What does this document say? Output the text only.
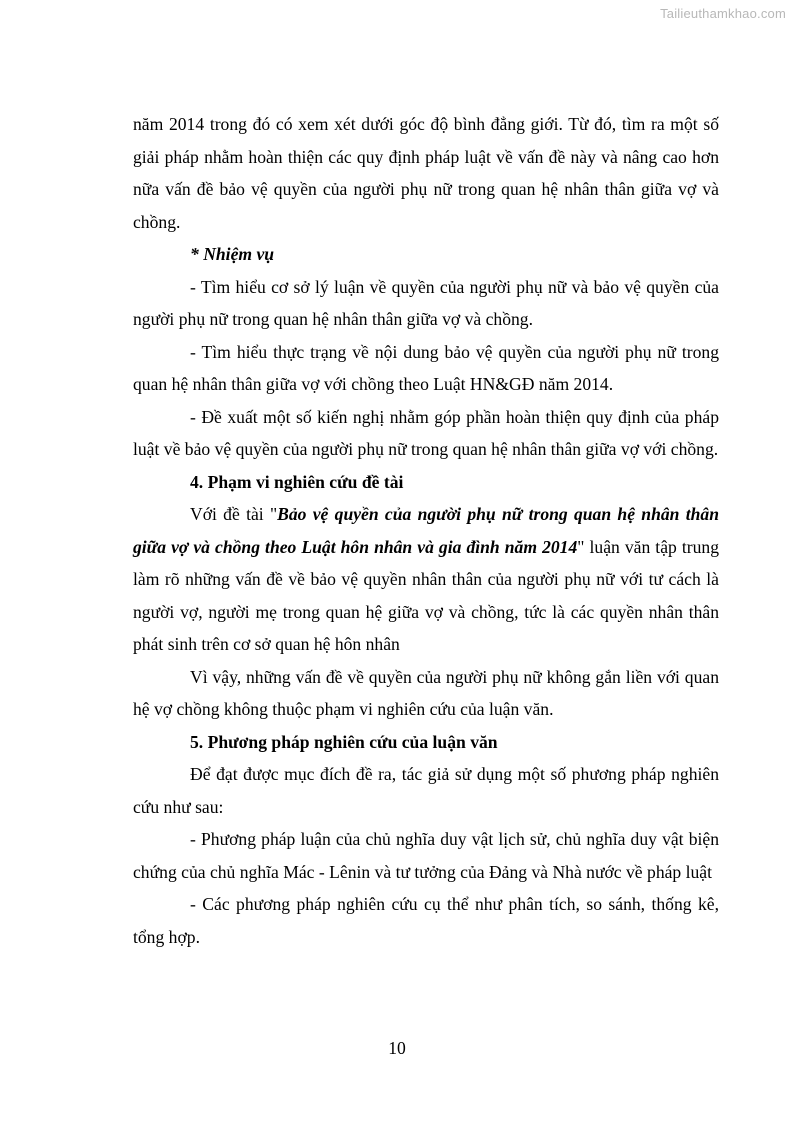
Tailieuthamkhao.com

năm 2014 trong đó có xem xét dưới góc độ bình đẳng giới. Từ đó, tìm ra một số giải pháp nhằm hoàn thiện các quy định pháp luật về vấn đề này và nâng cao hơn nữa vấn đề bảo vệ quyền của người phụ nữ trong quan hệ nhân thân giữa vợ và chồng.

* Nhiệm vụ

- Tìm hiểu cơ sở lý luận về quyền của người phụ nữ và bảo vệ quyền của người phụ nữ trong quan hệ nhân thân giữa vợ và chồng.

- Tìm hiểu thực trạng về nội dung bảo vệ quyền của người phụ nữ trong quan hệ nhân thân giữa vợ với chồng theo Luật HN&GĐ năm 2014.

- Đề xuất một số kiến nghị nhằm góp phần hoàn thiện quy định của pháp luật về bảo vệ quyền của người phụ nữ trong quan hệ nhân thân giữa vợ với chồng.

4. Phạm vi nghiên cứu đề tài

Với đề tài "Bảo vệ quyền của người phụ nữ trong quan hệ nhân thân giữa vợ và chồng theo Luật hôn nhân và gia đình năm 2014" luận văn tập trung làm rõ những vấn đề về bảo vệ quyền nhân thân của người phụ nữ với tư cách là người vợ, người mẹ trong quan hệ giữa vợ và chồng, tức là các quyền nhân thân phát sinh trên cơ sở quan hệ hôn nhân

Vì vậy, những vấn đề về quyền của người phụ nữ không gắn liền với quan hệ vợ chồng không thuộc phạm vi nghiên cứu của luận văn.

5. Phương pháp nghiên cứu của luận văn

Để đạt được mục đích đề ra, tác giả sử dụng một số phương pháp nghiên cứu như sau:

- Phương pháp luận của chủ nghĩa duy vật lịch sử, chủ nghĩa duy vật biện chứng của chủ nghĩa Mác - Lênin và tư tưởng của Đảng và Nhà nước về pháp luật

- Các phương pháp nghiên cứu cụ thể như phân tích, so sánh, thống kê, tổng hợp.

10
